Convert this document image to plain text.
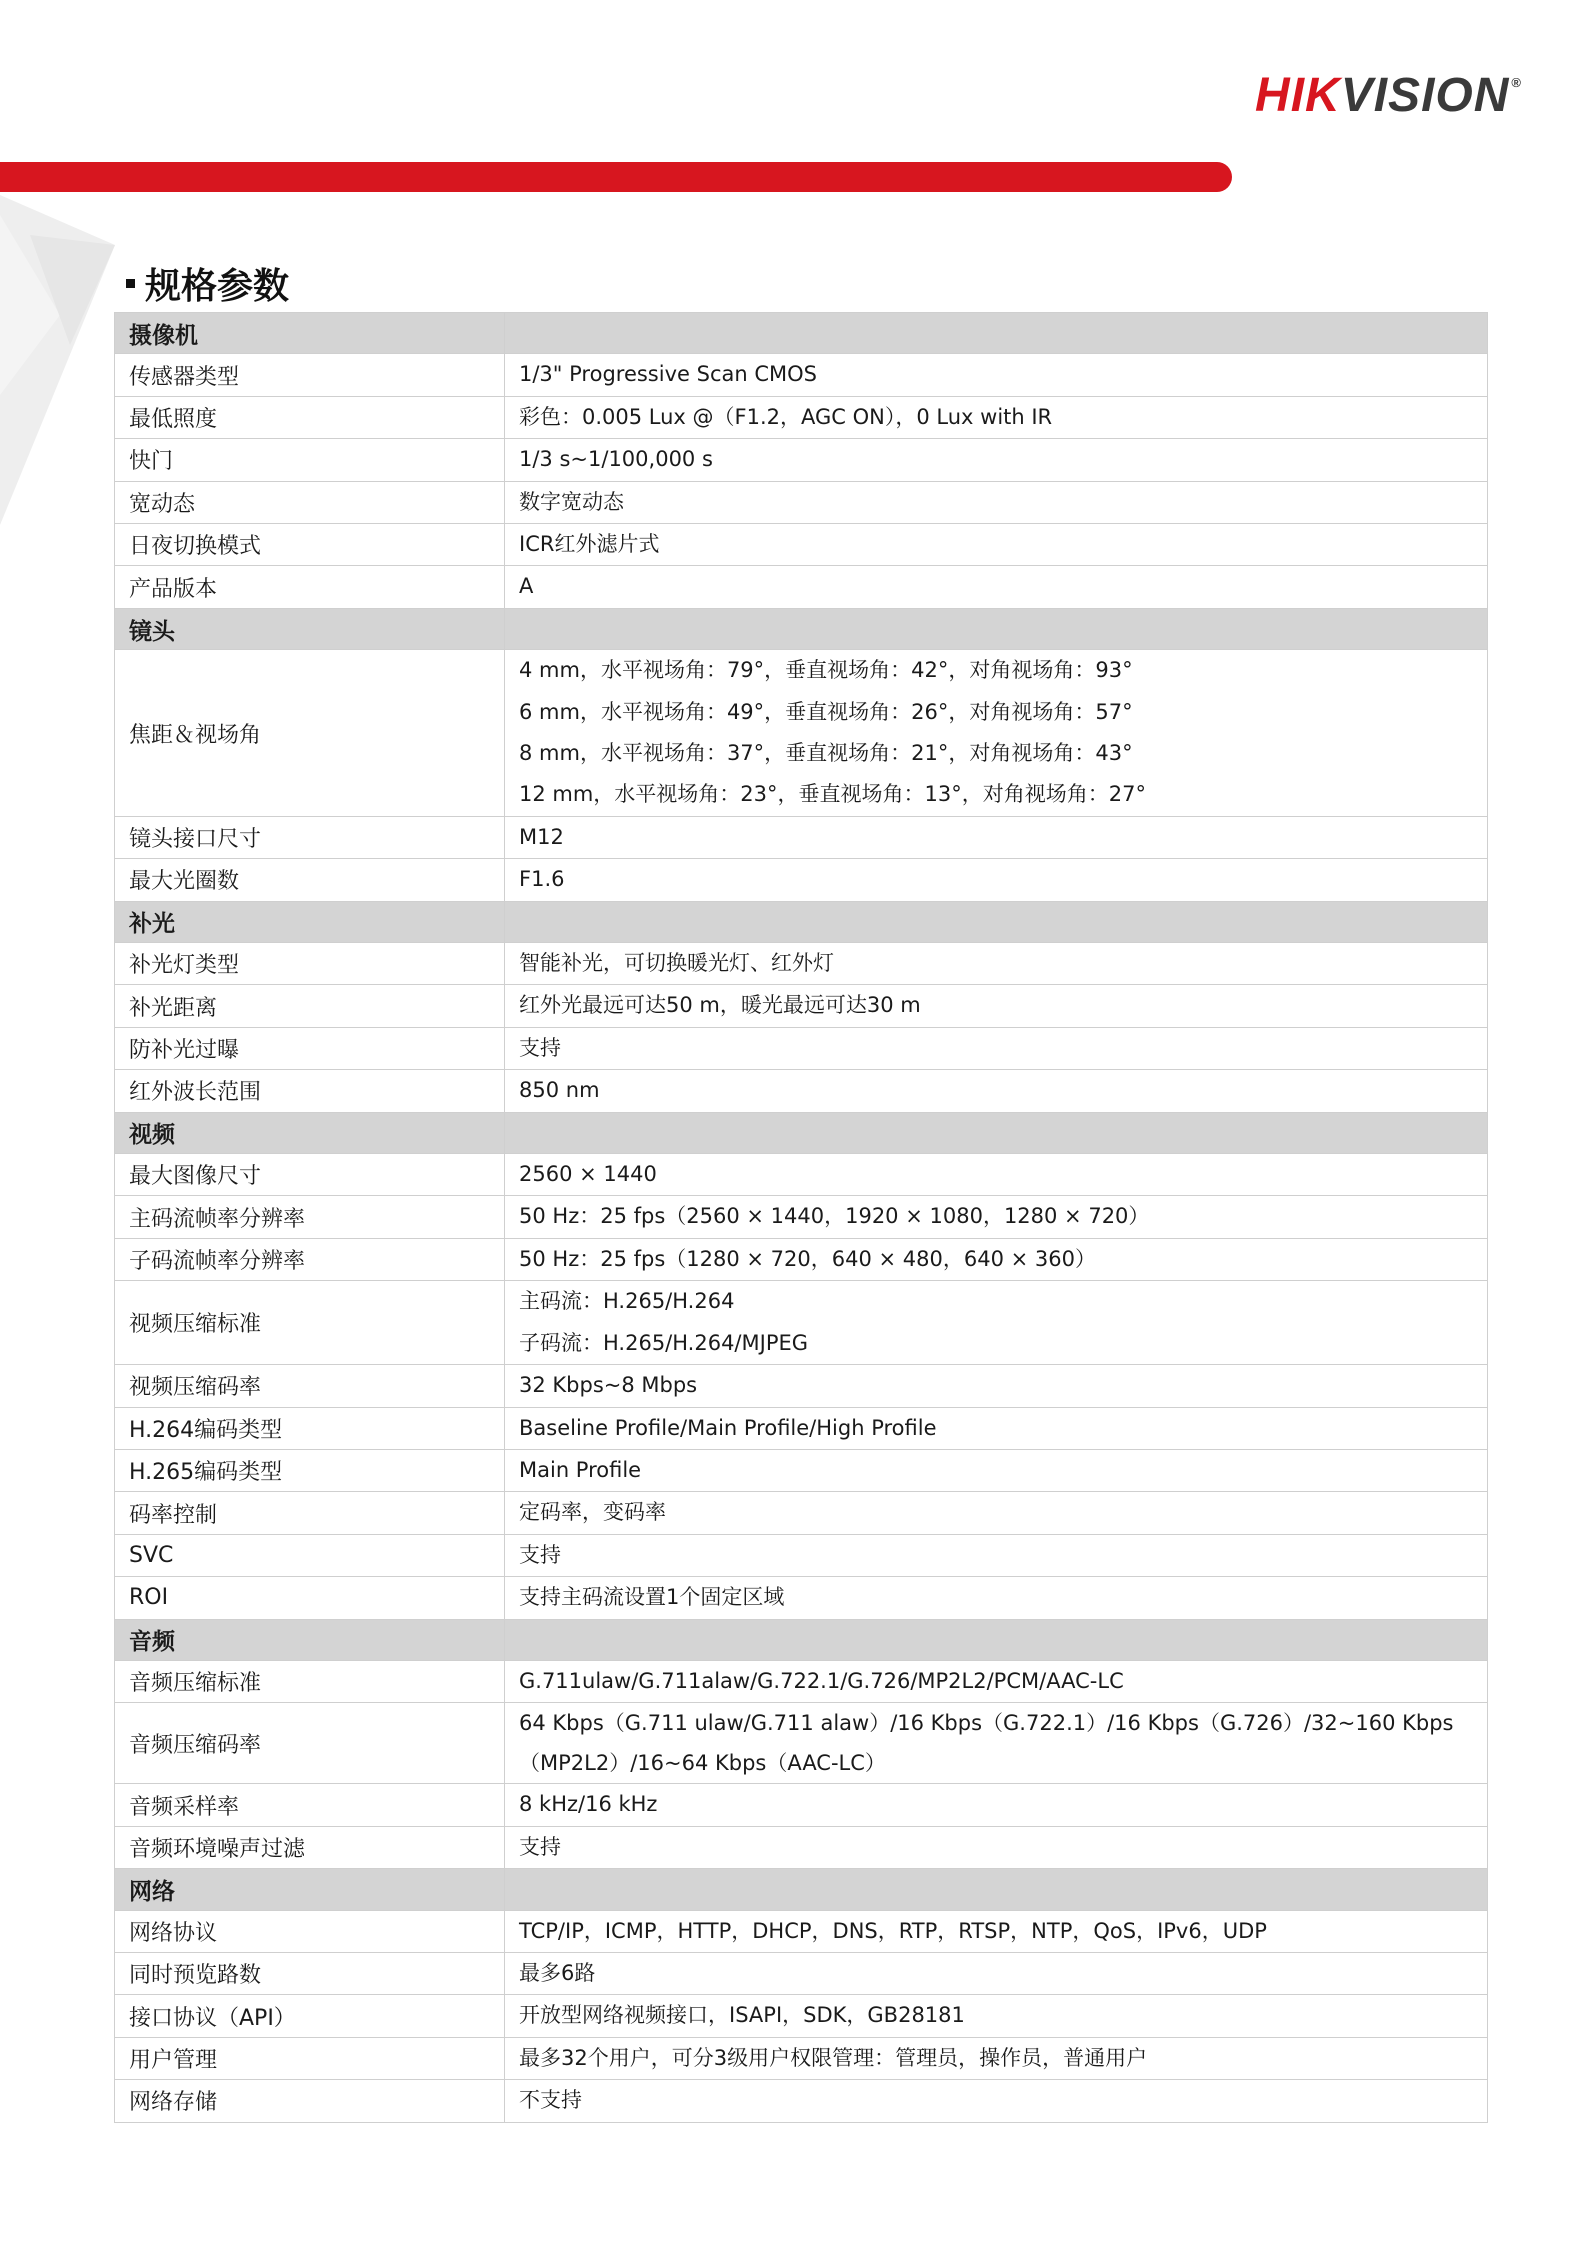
HIK VISION ®
规格参数
摄像机	
传感器类型	1/3" Progressive Scan CMOS

最低照度	彩色：0.005 Lux @（F1.2，AGC ON），0 Lux with IR

快门	1/3 s~1/100,000 s

宽动态	数字宽动态

日夜切换模式	ICR红外滤片式

产品版本	A

镜头	
焦距＆视场角	4 mm，水平视场角：79°，垂直视场角：42°，对角视场角：93°
6 mm，水平视场角：49°，垂直视场角：26°，对角视场角：57°
8 mm，水平视场角：37°，垂直视场角：21°，对角视场角：43°
12 mm，水平视场角：23°，垂直视场角：13°，对角视场角：27°

镜头接口尺寸	M12

最大光圈数	F1.6

补光	
补光灯类型	智能补光，可切换暖光灯、红外灯

补光距离	红外光最远可达50 m，暖光最远可达30 m

防补光过曝	支持

红外波长范围	850 nm

视频	
最大图像尺寸	2560 × 1440

主码流帧率分辨率	50 Hz：25 fps（2560 × 1440，1920 × 1080，1280 × 720）

子码流帧率分辨率	50 Hz：25 fps（1280 × 720，640 × 480，640 × 360）

视频压缩标准	主码流：H.265/H.264
子码流：H.265/H.264/MJPEG

视频压缩码率	32 Kbps~8 Mbps

H.264编码类型	Baseline Profile/Main Profile/High Profile

H.265编码类型	Main Profile

码率控制	定码率，变码率

SVC	支持

ROI	支持主码流设置1个固定区域

音频	
音频压缩标准	G.711ulaw/G.711alaw/G.722.1/G.726/MP2L2/PCM/AAC-LC

音频压缩码率	64 Kbps（G.711 ulaw/G.711 alaw）/16 Kbps（G.722.1）/16 Kbps（G.726）/32~160 Kbps（MP2L2）/16~64 Kbps（AAC-LC）

音频采样率	8 kHz/16 kHz

音频环境噪声过滤	支持

网络	
网络协议	TCP/IP，ICMP，HTTP，DHCP，DNS，RTP，RTSP，NTP，QoS，IPv6，UDP

同时预览路数	最多6路

接口协议（API）	开放型网络视频接口，ISAPI，SDK，GB28181

用户管理	最多32个用户，可分3级用户权限管理：管理员，操作员，普通用户

网络存储	不支持
